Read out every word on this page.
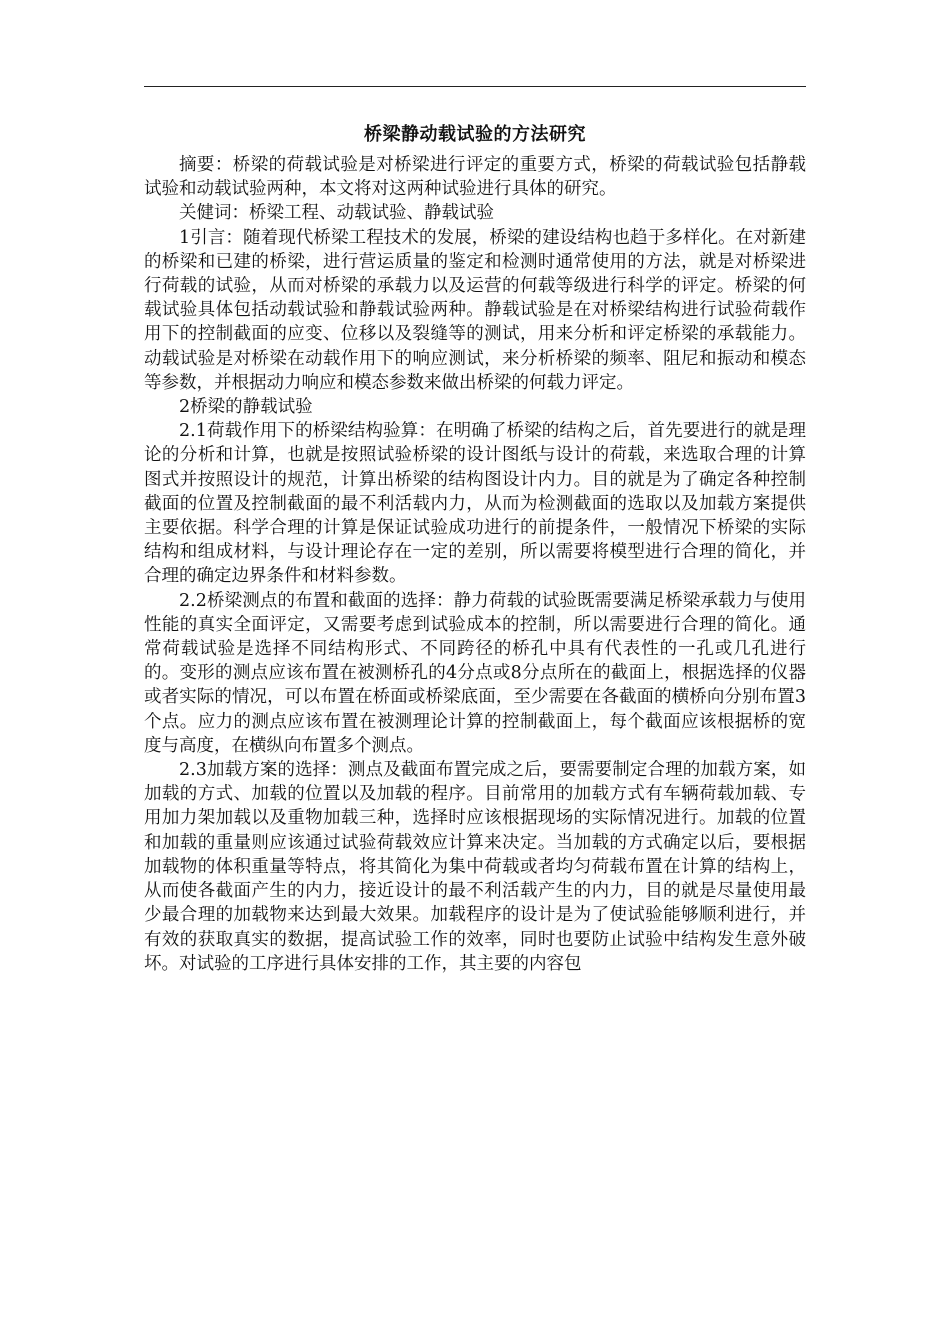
桥梁静动载试验的方法研究

摘要：桥梁的荷载试验是对桥梁进行评定的重要方式，桥梁的荷载试验包括静载试验和动载试验两种，本文将对这两种试验进行具体的研究。

关健词：桥梁工程、动载试验、静载试验

1引言：随着现代桥梁工程技术的发展，桥梁的建设结构也趋于多样化。在对新建的桥梁和已建的桥梁，进行营运质量的鉴定和检测时通常使用的方法，就是对桥梁进行荷载的试验，从而对桥梁的承载力以及运营的何载等级进行科学的评定。桥梁的何载试验具体包括动载试验和静载试验两种。静载试验是在对桥梁结构进行试验荷载作用下的控制截面的应变、位移以及裂缝等的测试，用来分析和评定桥梁的承载能力。动载试验是对桥梁在动载作用下的响应测试，来分析桥梁的频率、阻尼和振动和模态等参数，并根据动力响应和模态参数来做出桥梁的何载力评定。

2桥梁的静载试验

2.1荷载作用下的桥梁结构验算：在明确了桥梁的结构之后，首先要进行的就是理论的分析和计算，也就是按照试验桥梁的设计图纸与设计的荷载，来选取合理的计算图式并按照设计的规范，计算出桥梁的结构图设计内力。目的就是为了确定各种控制截面的位置及控制截面的最不利活载内力，从而为检测截面的选取以及加载方案提供主要依据。科学合理的计算是保证试验成功进行的前提条件，一般情况下桥梁的实际结构和组成材料，与设计理论存在一定的差别，所以需要将模型进行合理的简化，并合理的确定边界条件和材料参数。

2.2桥梁测点的布置和截面的选择：静力荷载的试验既需要满足桥梁承载力与使用性能的真实全面评定，又需要考虑到试验成本的控制，所以需要进行合理的简化。通常荷载试验是选择不同结构形式、不同跨径的桥孔中具有代表性的一孔或几孔进行的。变形的测点应该布置在被测桥孔的4分点或8分点所在的截面上，根据选择的仪器或者实际的情况，可以布置在桥面或桥梁底面，至少需要在各截面的横桥向分别布置3个点。应力的测点应该布置在被测理论计算的控制截面上，每个截面应该根据桥的宽度与高度，在横纵向布置多个测点。

2.3加载方案的选择：测点及截面布置完成之后，要需要制定合理的加载方案，如加载的方式、加载的位置以及加载的程序。目前常用的加载方式有车辆荷载加载、专用加力架加载以及重物加载三种，选择时应该根据现场的实际情况进行。加载的位置和加载的重量则应该通过试验荷载效应计算来决定。当加载的方式确定以后，要根据加载物的体积重量等特点，将其简化为集中荷载或者均匀荷载布置在计算的结构上，从而使各截面产生的内力，接近设计的最不利活载产生的内力，目的就是尽量使用最少最合理的加载物来达到最大效果。加载程序的设计是为了使试验能够顺利进行，并有效的获取真实的数据，提高试验工作的效率，同时也要防止试验中结构发生意外破坏。对试验的工序进行具体安排的工作，其主要的内容包
